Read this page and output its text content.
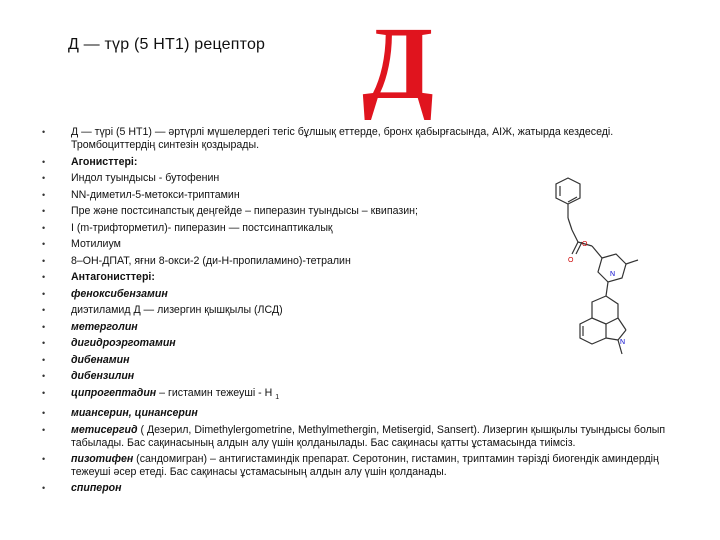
Д — түр (5 НТ1) рецептор Д
O
O
N
N
• Д — түрі (5 НТ1) — әртүрлі мүшелердегі тегіс бұлшық еттерде, бронх қабырғасында, АІЖ, жатырда кездеседі. Тромбоциттердің синтезін қоздырады.
• Агонисттері:
• Индол туындысы - бутофенин
• NN-диметил-5-метокси-триптамин
• Пре және постсинапстық деңгейде – пиперазин туындысы – квипазин;
• I (m-трифторметил)- пиперазин — постсинаптикалық
• Мотилиум
• 8–ОН-ДПАТ, яғни 8-окси-2 (ди-Н-пропиламино)-тетралин
• Антагонисттері:
• феноксибензамин
• диэтиламид Д — лизергин қышқылы (ЛСД)
• метерголин
• дигидроэрготамин
• дибенамин
• дибензилин
• ципрогептадин – гистамин тежеуші - Н $_1$
• миансерин, цинансерин
• метисергид ( Дезерил, Dimethylergometrine, Methylmethergin, Metisergid, Sansert). Лизергин қышқылы туындысы болып табылады. Бас сақинасының алдын алу үшін қолданылады. Бас сақинасы қатты ұстамасында тиімсіз.
• пизотифен (сандомигран) – антигистаминдік препарат. Серотонин, гистамин, триптамин тәрізді биогендік аминдердің тежеуші әсер етеді. Бас сақинасы ұстамасының алдын алу үшін қолданады.
• спиперон
